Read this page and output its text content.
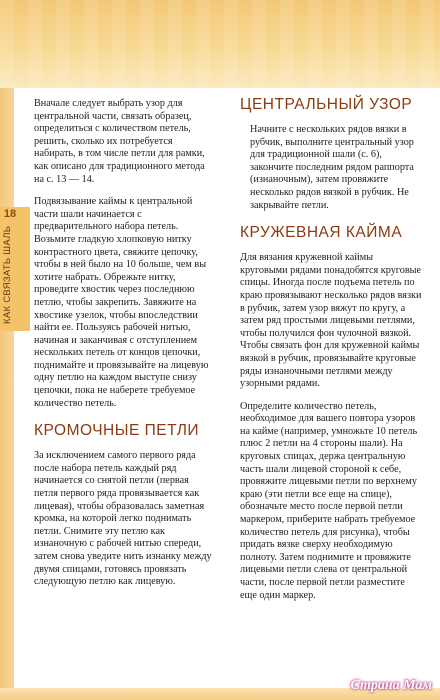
18
КАК СВЯЗАТЬ ШАЛЬ

Вначале следует выбрать узор для центральной части, связать образец, определиться с количеством петель, решить, сколько их потребуется набирать, в том числе петли для рамки, как описано для традиционного метода на с. 13 — 14.

Подвязывание каймы к центральной части шали начинается с предварительного набора петель. Возьмите гладкую хлопковую нитку контрастного цвета, свяжите цепочку, чтобы в ней было на 10 больше, чем вы хотите набрать. Обрежьте нитку, проведите хвостик через последнюю петлю, чтобы закрепить. Завяжите на хвостике узелок, чтобы впоследствии найти ее. Пользуясь рабочей нитью, начиная и заканчивая с отступлением нескольких петель от концов цепочки, поднимайте и провязывайте на лицевую одну петлю на каждом выступе снизу цепочки, пока не наберете требуемое количество петель.

КРОМОЧНЫЕ ПЕТЛИ

За исключением самого первого ряда после набора петель каждый ряд начинается со снятой петли (первая петля первого ряда провязывается как лицевая), чтобы образовалась заметная кромка, на которой легко поднимать петли. Снимите эту петлю как изнаночную с рабочей нитью спереди, затем снова уведите нить изнанку между двумя спицами, готовясь провязать следующую петлю как лицевую.

ЦЕНТРАЛЬНЫЙ УЗОР

Начните с нескольких рядов вязки в рубчик, выполните центральный узор для традиционной шали (с. 6), закончите последним рядом раппорта (изнаночным), затем провяжите несколько рядов вязкой в рубчик. Не закрывайте петли.

КРУЖЕВНАЯ КАЙМА

Для вязания кружевной каймы круговыми рядами понадобятся круговые спицы. Иногда после подъема петель по краю провязывают несколько рядов вязки в рубчик, затем узор вяжут по кругу, а затем ряд простыми лицевыми петлями, чтобы получился фон чулочной вязкой. Чтобы связать фон для кружевной каймы вязкой в рубчик, провязывайте круговые ряды изнаночными петлями между узорными рядами.

Определите количество петель, необходимое для вашего повтора узоров на кайме (например, умножьте 10 петель плюс 2 петли на 4 стороны шали). На круговых спицах, держа центральную часть шали лицевой стороной к себе, провяжите лицевыми петли по верхнему краю (эти петли все еще на спице), обозначьте место после первой петли маркером, приберите набрать требуемое количество петель для рисунка), чтобы придать вязке сверху необходимую полноту. Затем поднимите и провяжите лицевыми петли слева от центральной части, после первой петли разместите еще один маркер.

Страна Мам
